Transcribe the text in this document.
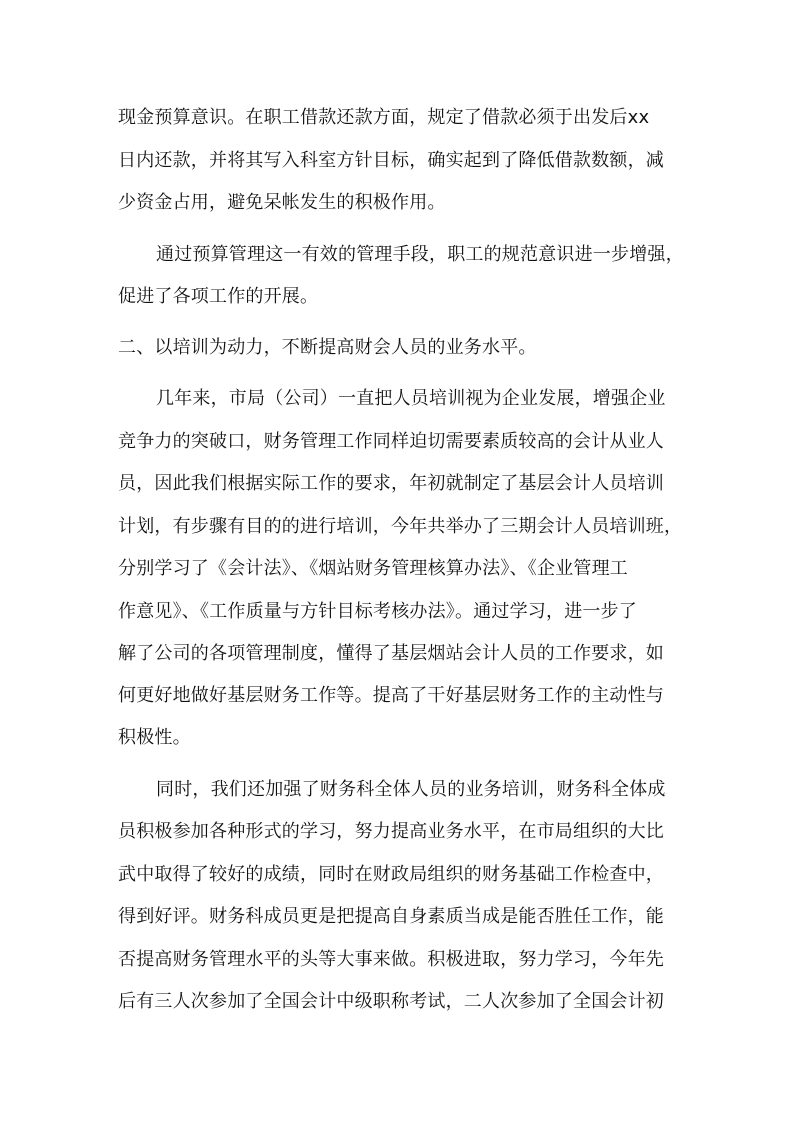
现金预算意识。在职工借款还款方面，规定了借款必须于出发后xx
日内还款，并将其写入科室方针目标，确实起到了降低借款数额，减
少资金占用，避免呆帐发生的积极作用。
通过预算管理这一有效的管理手段，职工的规范意识进一步增强，
促进了各项工作的开展。
二、以培训为动力，不断提高财会人员的业务水平。
几年来，市局（公司）一直把人员培训视为企业发展，增强企业
竞争力的突破口，财务管理工作同样迫切需要素质较高的会计从业人
员，因此我们根据实际工作的要求，年初就制定了基层会计人员培训
计划，有步骤有目的的进行培训，今年共举办了三期会计人员培训班，
分别学习了《会计法》、《烟站财务管理核算办法》、《企业管理工
作意见》、《工作质量与方针目标考核办法》。通过学习，进一步了
解了公司的各项管理制度，懂得了基层烟站会计人员的工作要求，如
何更好地做好基层财务工作等。提高了干好基层财务工作的主动性与
积极性。
同时，我们还加强了财务科全体人员的业务培训，财务科全体成
员积极参加各种形式的学习，努力提高业务水平，在市局组织的大比
武中取得了较好的成绩，同时在财政局组织的财务基础工作检查中，
得到好评。财务科成员更是把提高自身素质当成是能否胜任工作，能
否提高财务管理水平的头等大事来做。积极进取，努力学习，今年先
后有三人次参加了全国会计中级职称考试，二人次参加了全国会计初
